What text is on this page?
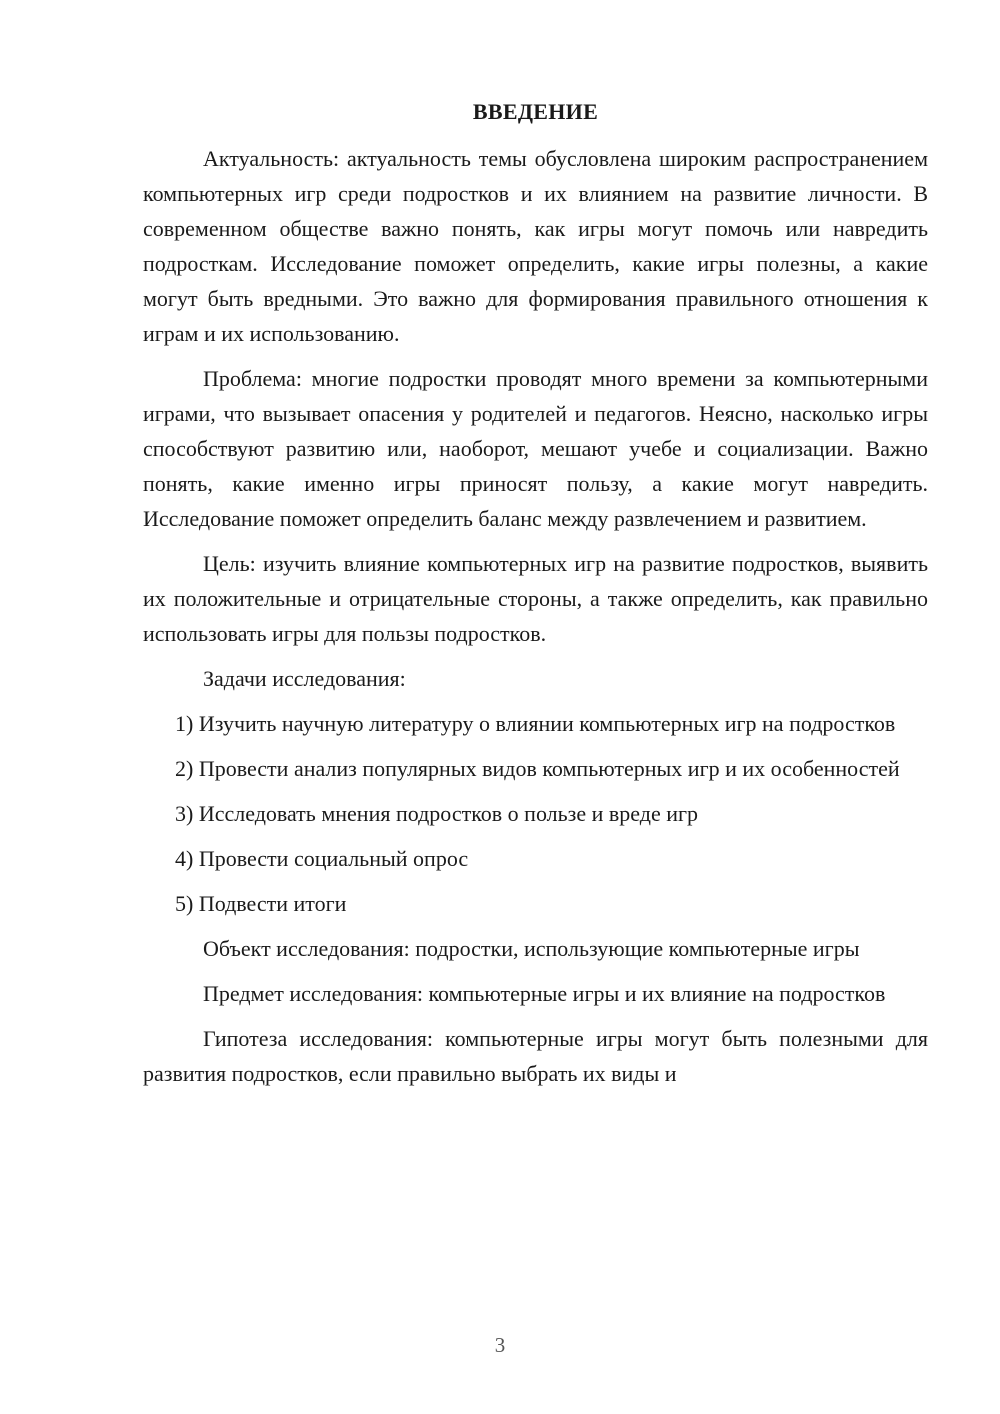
ВВЕДЕНИЕ

Актуальность: актуальность темы обусловлена широким распространением компьютерных игр среди подростков и их влиянием на развитие личности. В современном обществе важно понять, как игры могут помочь или навредить подросткам. Исследование поможет определить, какие игры полезны, а какие могут быть вредными. Это важно для формирования правильного отношения к играм и их использованию.

Проблема: многие подростки проводят много времени за компьютерными играми, что вызывает опасения у родителей и педагогов. Неясно, насколько игры способствуют развитию или, наоборот, мешают учебе и социализации. Важно понять, какие именно игры приносят пользу, а какие могут навредить. Исследование поможет определить баланс между развлечением и развитием.

Цель: изучить влияние компьютерных игр на развитие подростков, выявить их положительные и отрицательные стороны, а также определить, как правильно использовать игры для пользы подростков.

Задачи исследования:

1) Изучить научную литературу о влиянии компьютерных игр на подростков

2) Провести анализ популярных видов компьютерных игр и их особенностей

3) Исследовать мнения подростков о пользе и вреде игр

4) Провести социальный опрос

5) Подвести итоги

Объект исследования: подростки, использующие компьютерные игры

Предмет исследования: компьютерные игры и их влияние на подростков

Гипотеза исследования: компьютерные игры могут быть полезными для развития подростков, если правильно выбрать их виды и

3
